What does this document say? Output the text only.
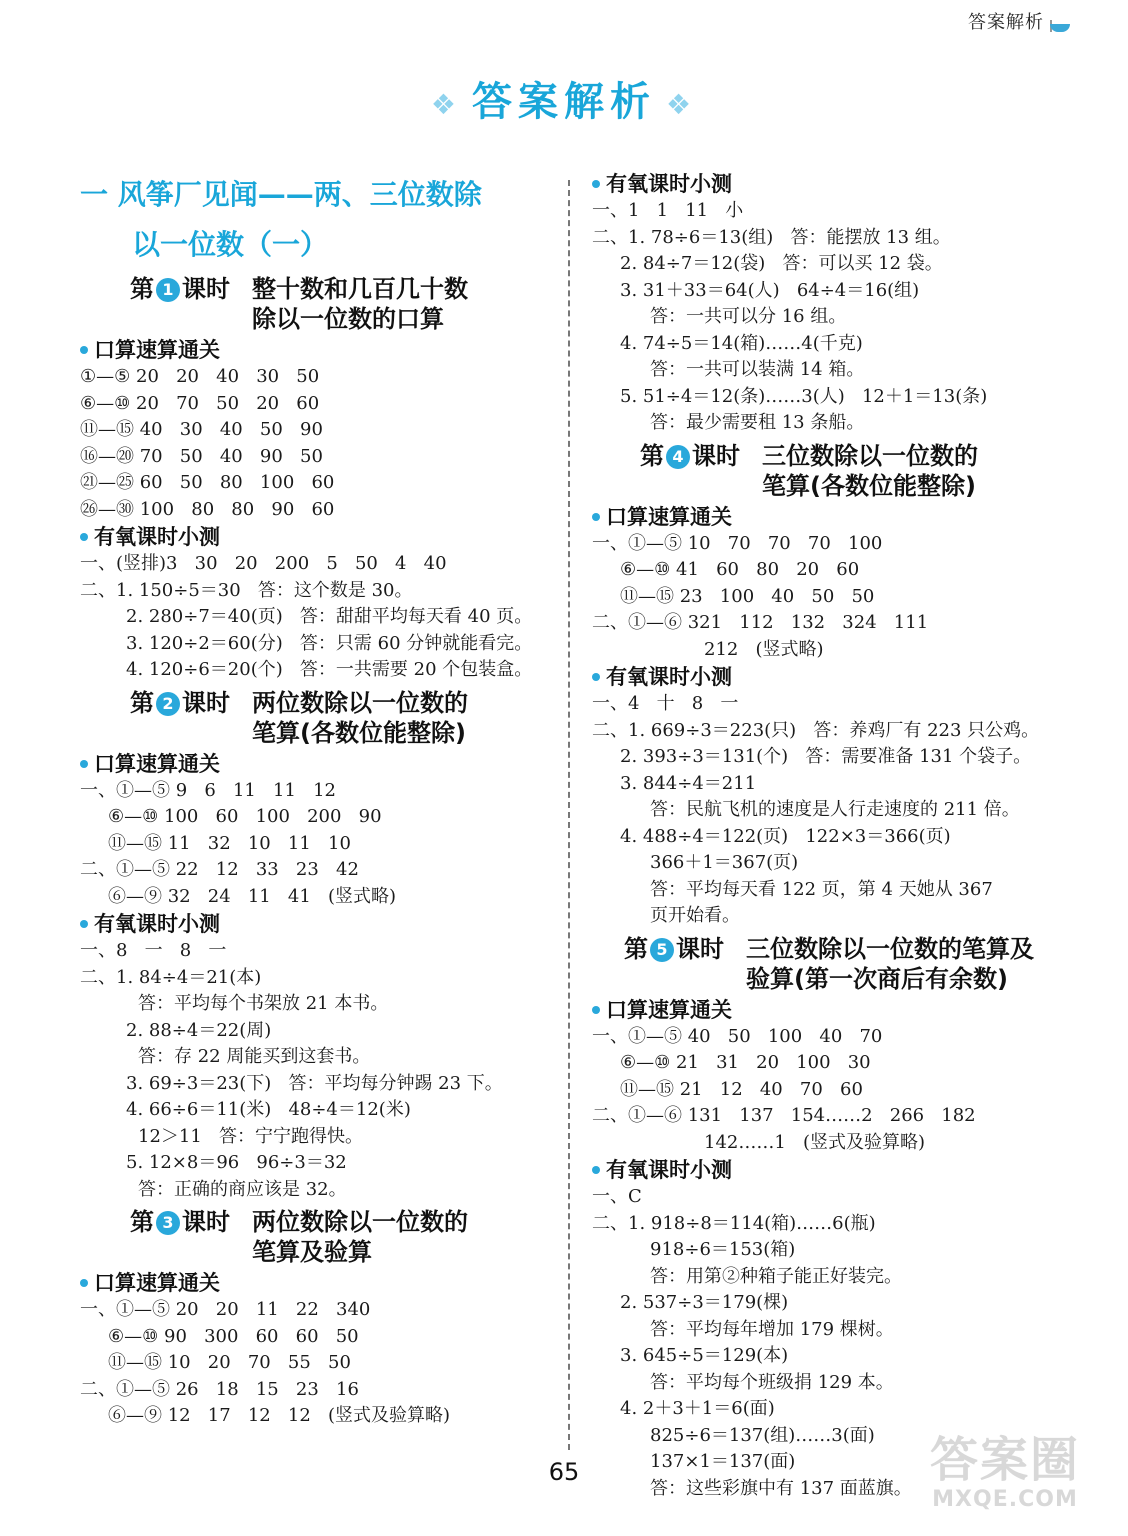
答案解析
❖ 答案解析 ❖
一 风筝厂见闻——两、三位数除
以一位数（一）
第 1 课时 整十数和几百几十数
除以一位数的口算
口算速算通关
①—⑤ 20   20   40   30   50
⑥—⑩ 20   70   50   20   60
⑪—⑮ 40   30   40   50   90
⑯—⑳ 70   50   40   90   50
㉑—㉕ 60   50   80   100   60
㉖—㉚ 100   80   80   90   60
有氧课时小测
一、(竖排)3   30   20   200   5   50   4   40
二、1. 150÷5＝30   答：这个数是 30。
2. 280÷7＝40(页)   答：甜甜平均每天看 40 页。
3. 120÷2＝60(分)   答：只需 60 分钟就能看完。
4. 120÷6＝20(个)   答：一共需要 20 个包装盒。
第 2 课时 两位数除以一位数的
笔算(各数位能整除)
口算速算通关
一、①—⑤ 9   6   11   11   12
⑥—⑩ 100   60   100   200   90
⑪—⑮ 11   32   10   11   10
二、①—⑤ 22   12   33   23   42
⑥—⑨ 32   24   11   41   (竖式略)
有氧课时小测
一、8   一   8   一
二、1. 84÷4＝21(本)
答：平均每个书架放 21 本书。
2. 88÷4＝22(周)
答：存 22 周能买到这套书。
3. 69÷3＝23(下)   答：平均每分钟踢 23 下。
4. 66÷6＝11(米)   48÷4＝12(米)
12＞11   答：宁宁跑得快。
5. 12×8＝96   96÷3＝32
答：正确的商应该是 32。
第 3 课时 两位数除以一位数的
笔算及验算
口算速算通关
一、①—⑤ 20   20   11   22   340
⑥—⑩ 90   300   60   60   50
⑪—⑮ 10   20   70   55   50
二、①—⑤ 26   18   15   23   16
⑥—⑨ 12   17   12   12   (竖式及验算略)
有氧课时小测
一、1   1   11   小
二、1. 78÷6＝13(组)   答：能摆放 13 组。
2. 84÷7＝12(袋)   答：可以买 12 袋。
3. 31＋33＝64(人)   64÷4＝16(组)
答：一共可以分 16 组。
4. 74÷5＝14(箱)……4(千克)
答：一共可以装满 14 箱。
5. 51÷4＝12(条)……3(人)   12＋1＝13(条)
答：最少需要租 13 条船。
第 4 课时 三位数除以一位数的
笔算(各数位能整除)
口算速算通关
一、①—⑤ 10   70   70   70   100
⑥—⑩ 41   60   80   20   60
⑪—⑮ 23   100   40   50   50
二、①—⑥ 321   112   132   324   111
212   (竖式略)
有氧课时小测
一、4   十   8   一
二、1. 669÷3＝223(只)   答：养鸡厂有 223 只公鸡。
2. 393÷3＝131(个)   答：需要准备 131 个袋子。
3. 844÷4＝211
答：民航飞机的速度是人行走速度的 211 倍。
4. 488÷4＝122(页)   122×3＝366(页)
366＋1＝367(页)
答：平均每天看 122 页，第 4 天她从 367
页开始看。
第 5 课时 三位数除以一位数的笔算及
验算(第一次商后有余数)
口算速算通关
一、①—⑤ 40   50   100   40   70
⑥—⑩ 21   31   20   100   30
⑪—⑮ 21   12   40   70   60
二、①—⑥ 131   137   154……2   266   182
142……1   (竖式及验算略)
有氧课时小测
一、C
二、1. 918÷8＝114(箱)……6(瓶)
918÷6＝153(箱)
答：用第②种箱子能正好装完。
2. 537÷3＝179(棵)
答：平均每年增加 179 棵树。
3. 645÷5＝129(本)
答：平均每个班级捐 129 本。
4. 2＋3＋1＝6(面)
825÷6＝137(组)……3(面)
137×1＝137(面)
答：这些彩旗中有 137 面蓝旗。
65	答案圈
MXQE.COM
